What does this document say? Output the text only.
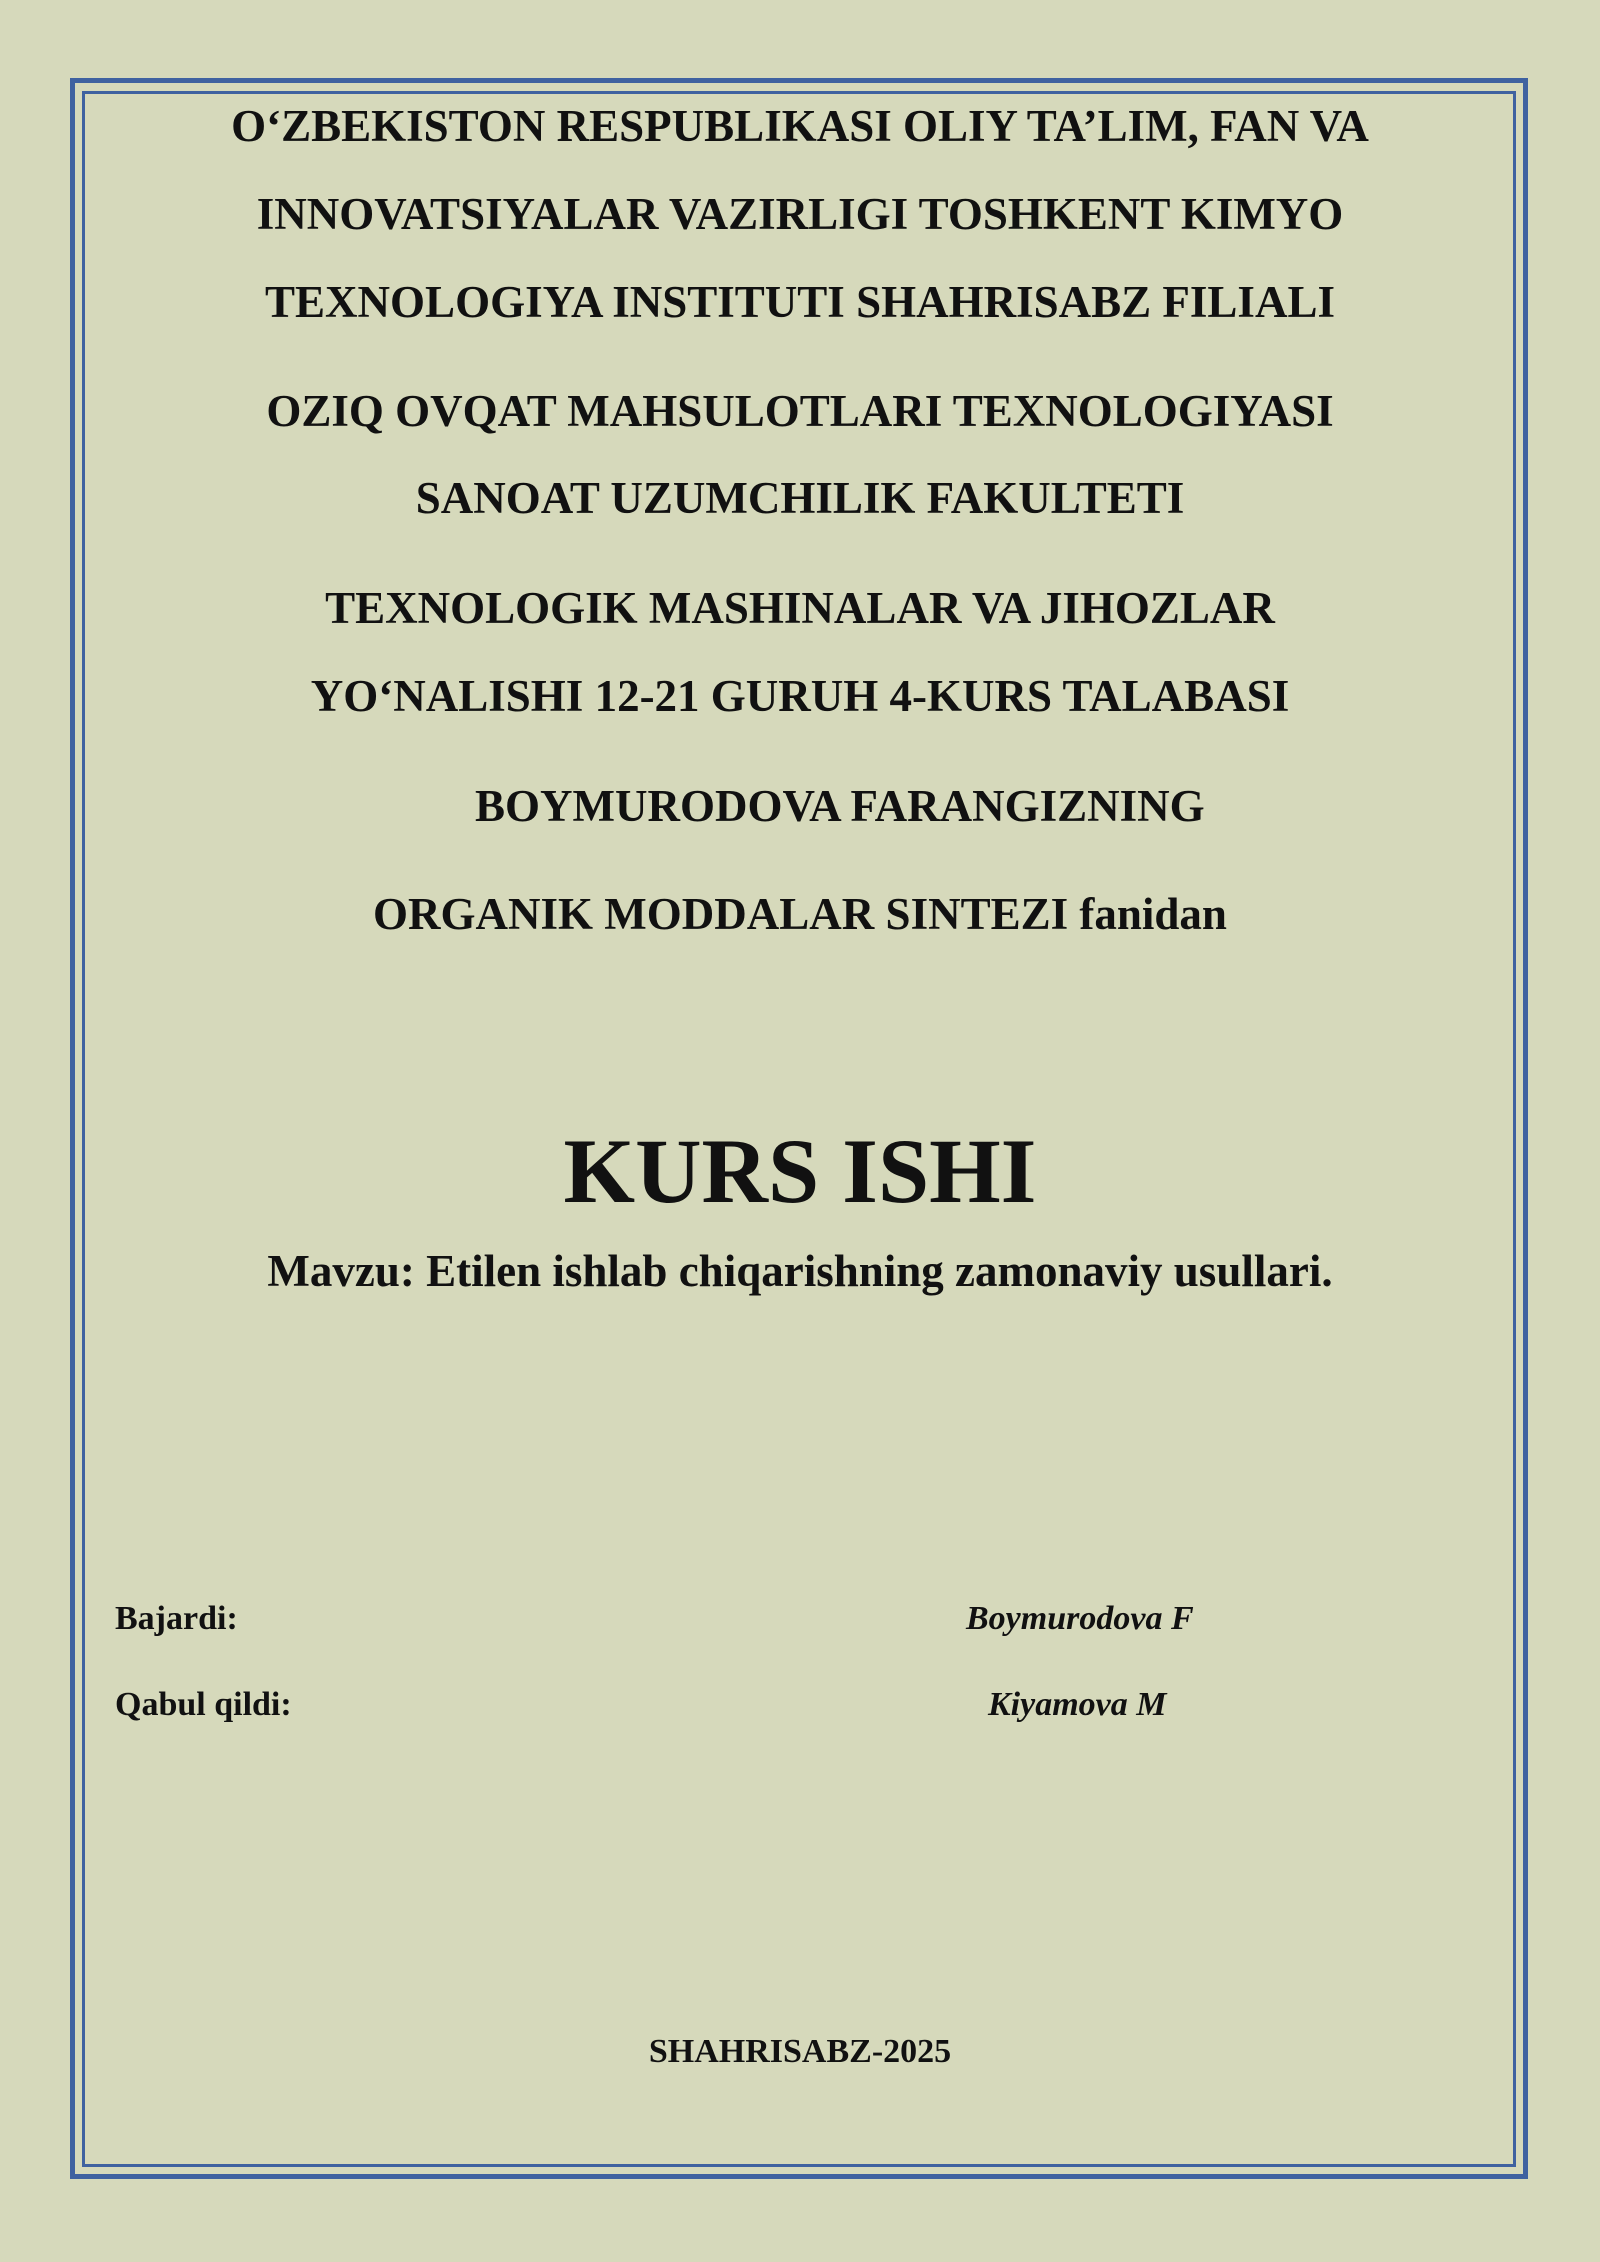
O‘ZBEKISTON RESPUBLIKASI OLIY TA’LIM, FAN VA
INNOVATSIYALAR VAZIRLIGI TOSHKENT KIMYO
TEXNOLOGIYA INSTITUTI SHAHRISABZ FILIALI
OZIQ OVQAT MAHSULOTLARI TEXNOLOGIYASI
SANOAT UZUMCHILIK FAKULTETI
TEXNOLOGIK MASHINALAR VA JIHOZLAR
YO‘NALISHI 12-21 GURUH 4-KURS TALABASI
BOYMURODOVA FARANGIZNING
ORGANIK MODDALAR SINTEZI fanidan
KURS ISHI
Mavzu: Etilen ishlab chiqarishning zamonaviy usullari.
Bajardi:	Boymurodova F
Qabul qildi:	Kiyamova M
SHAHRISABZ-2025
